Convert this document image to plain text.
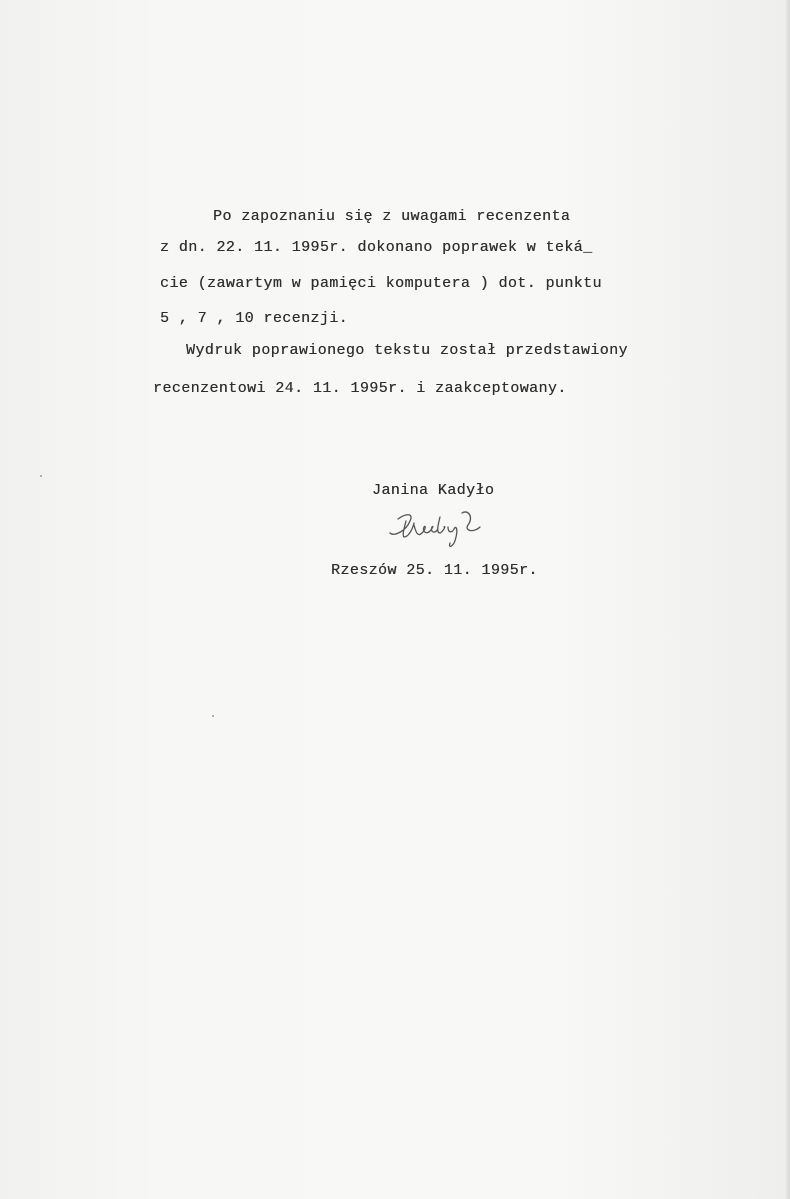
Po zapoznaniu się z uwagami recenzenta
z dn. 22. 11. 1995r. dokonano poprawek w teká_
cie (zawartym w pamięci komputera ) dot. punktu
5 , 7 , 10 recenzji.
Wydruk poprawionego tekstu został przedstawiony
recenzentowi 24. 11. 1995r. i zaakceptowany.
Janina Kadyło
Rzeszów 25. 11. 1995r.
